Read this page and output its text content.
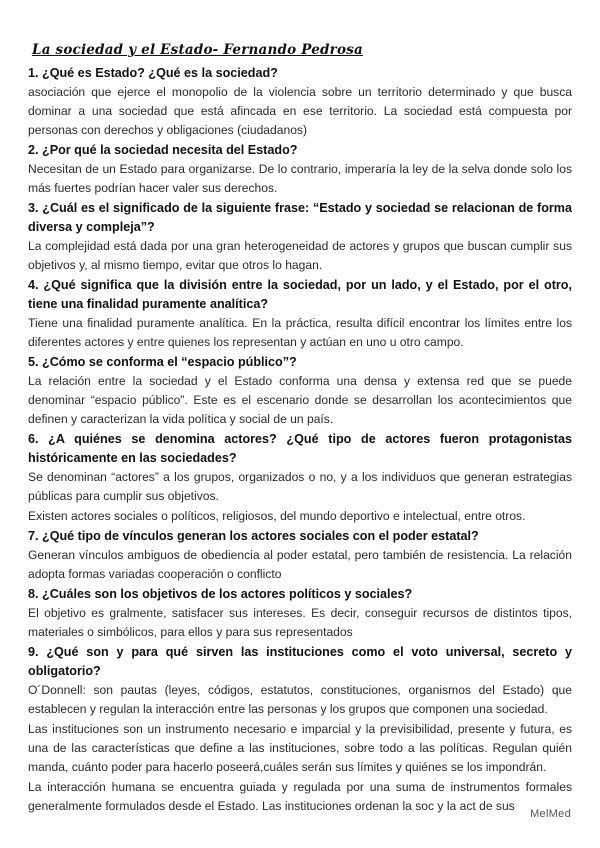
La sociedad y el Estado- Fernando Pedrosa

1. ¿Qué es Estado? ¿Qué es la sociedad?

asociación que ejerce el monopolio de la violencia sobre un territorio determinado y que busca dominar a una sociedad que está afincada en ese territorio. La sociedad está compuesta por personas con derechos y obligaciones (ciudadanos)

2. ¿Por qué la sociedad necesita del Estado?

Necesitan de un Estado para organizarse. De lo contrario, imperaría la ley de la selva donde solo los más fuertes podrían hacer valer sus derechos.

3. ¿Cuál es el significado de la siguiente frase: “Estado y sociedad se relacionan de forma diversa y compleja”?

La complejidad está dada por una gran heterogeneidad de actores y grupos que buscan cumplir sus objetivos y, al mismo tiempo, evitar que otros lo hagan.

4. ¿Qué significa que la división entre la sociedad, por un lado, y el Estado, por el otro, tiene una finalidad puramente analítica?

Tiene una finalidad puramente analítica. En la práctica, resulta difícil encontrar los límites entre los diferentes actores y entre quienes los representan y actúan en uno u otro campo.

5. ¿Cómo se conforma el “espacio público”?

La relación entre la sociedad y el Estado conforma una densa y extensa red que se puede denominar “espacio público”. Este es el escenario donde se desarrollan los acontecimientos que definen y caracterizan la vida política y social de un país.

6. ¿A quiénes se denomina actores? ¿Qué tipo de actores fueron protagonistas históricamente en las sociedades?

Se denominan “actores” a los grupos, organizados o no, y a los individuos que generan estrategias públicas para cumplir sus objetivos.

Existen actores sociales o políticos, religiosos, del mundo deportivo e intelectual, entre otros.

7. ¿Qué tipo de vínculos generan los actores sociales con el poder estatal?

Generan vínculos ambiguos de obediencia al poder estatal, pero también de resistencia. La relación adopta formas variadas cooperación o conflicto

8. ¿Cuáles son los objetivos de los actores políticos y sociales?

El objetivo es gralmente, satisfacer sus intereses. Es decir, conseguir recursos de distintos tipos, materiales o simbólicos, para ellos y para sus representados

9. ¿Qué son y para qué sirven las instituciones como el voto universal, secreto y obligatorio?

O´Donnell: son pautas (leyes, códigos, estatutos, constituciones, organismos del Estado) que establecen y regulan la interacción entre las personas y los grupos que componen una sociedad.

Las instituciones son un instrumento necesario e imparcial y la previsibilidad, presente y futura, es una de las características que define a las instituciones, sobre todo a las políticas. Regulan quién manda, cuánto poder para hacerlo poseerá,cuáles serán sus límites y quiénes se los impondrán.

La interacción humana se encuentra guiada y regulada por una suma de instrumentos formales generalmente formulados desde el Estado. Las instituciones ordenan la soc y la act de sus

MelMed
